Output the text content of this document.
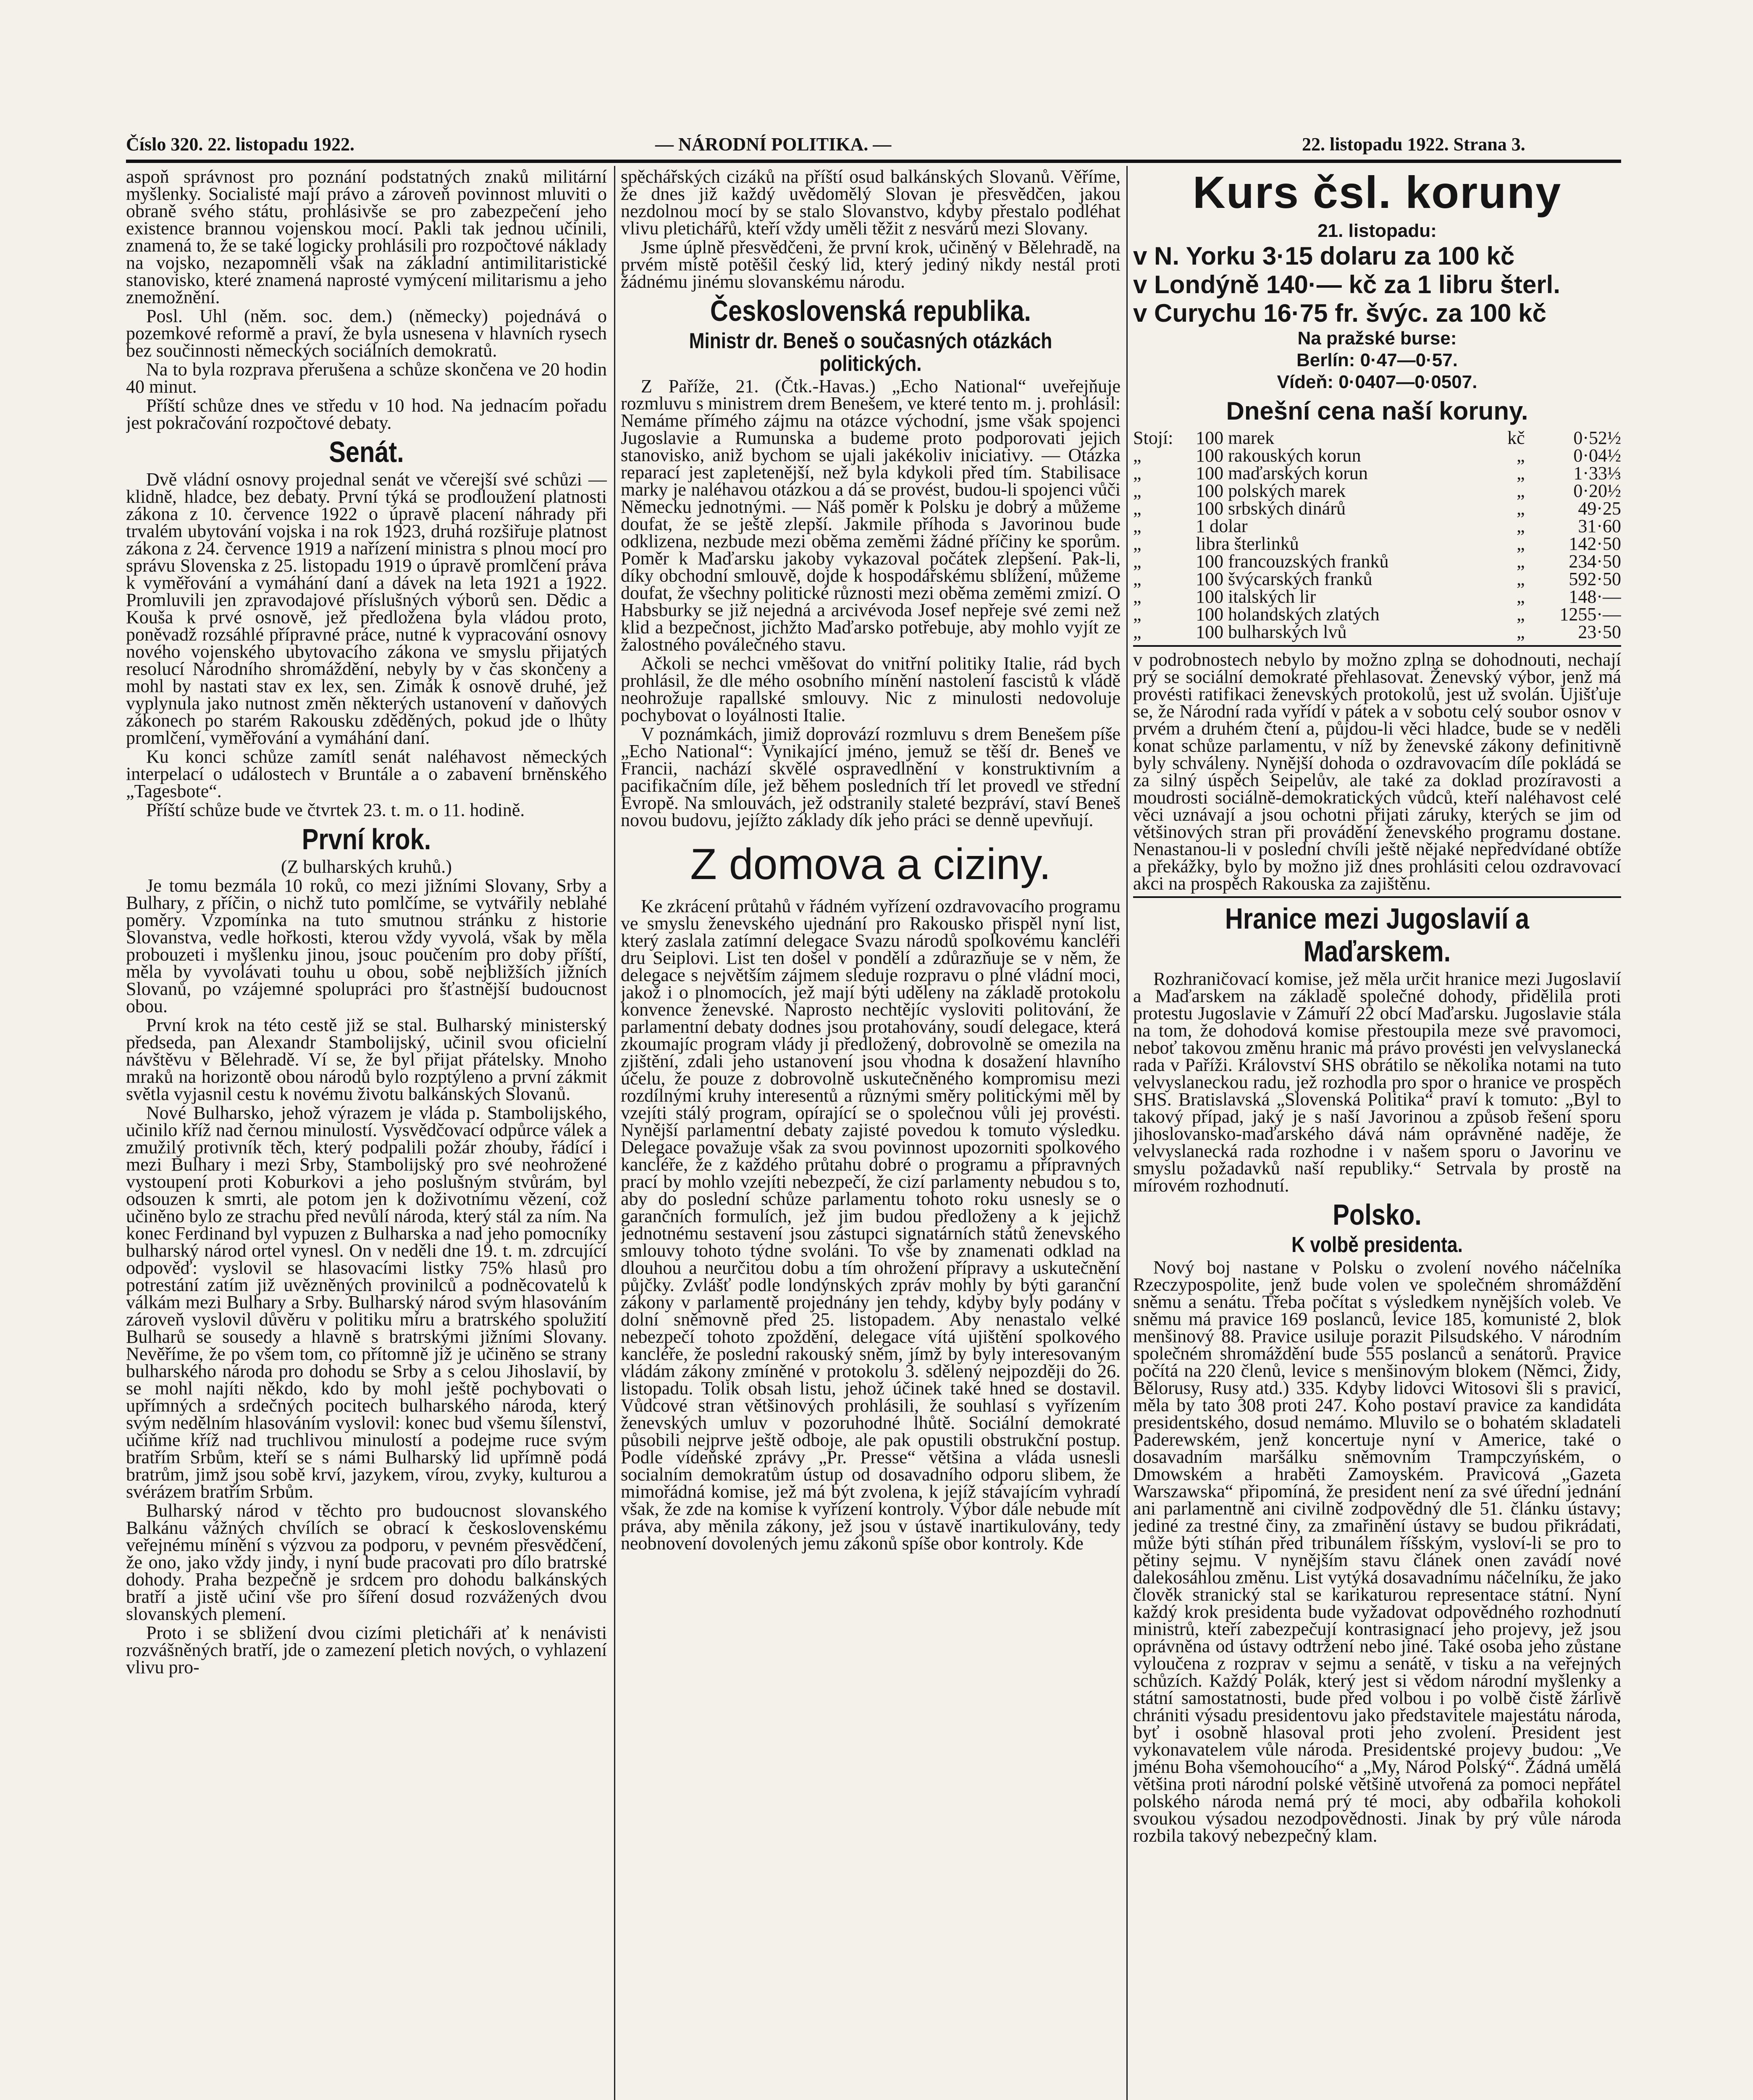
Číslo 320. 22. listopadu 1922.	— NÁRODNÍ POLITIKA. —	22. listopadu 1922. Strana 3.

aspoň správnost pro poznání podstatných znaků militární myšlenky. Socialisté mají právo a zároveň povinnost mluviti o obraně svého státu, prohlásivše se pro zabezpečení jeho existence brannou vojenskou mocí. Pakli tak jednou učinili, znamená to, že se také logicky prohlásili pro rozpočtové náklady na vojsko, nezapomněli však na základní antimilitaristické stanovisko, které znamená naprosté vymýcení militarismu a jeho znemožnění.

Posl. Uhl (něm. soc. dem.) (německy) pojednává o pozemkové reformě a praví, že byla usnesena v hlavních rysech bez součinnosti německých sociálních demokratů.

Na to byla rozprava přerušena a schůze skončena ve 20 hodin 40 minut.

Příští schůze dnes ve středu v 10 hod. Na jednacím pořadu jest pokračování rozpočtové debaty.

Senát.

Dvě vládní osnovy projednal senát ve včerejší své schůzi — klidně, hladce, bez debaty. První týká se prodloužení platnosti zákona z 10. července 1922 o úpravě placení náhrady při trvalém ubytování vojska i na rok 1923, druhá rozšiřuje platnost zákona z 24. července 1919 a nařízení ministra s plnou mocí pro správu Slovenska z 25. listopadu 1919 o úpravě promlčení práva k vyměřování a vymáhání daní a dávek na leta 1921 a 1922. Promluvili jen zpravodajové příslušných výborů sen. Dědic a Kouša k prvé osnově, jež předložena byla vládou proto, poněvadž rozsáhlé přípravné práce, nutné k vypracování osnovy nového vojenského ubytovacího zákona ve smyslu přijatých resolucí Národního shromáždění, nebyly by v čas skončeny a mohl by nastati stav ex lex, sen. Zimák k osnově druhé, jež vyplynula jako nutnost změn některých ustanovení v daňových zákonech po starém Rakousku zděděných, pokud jde o lhůty promlčení, vyměřování a vymáhání daní.

Ku konci schůze zamítl senát naléhavost německých interpelací o událostech v Bruntále a o zabavení brněnského „Tagesbote“.

Příští schůze bude ve čtvrtek 23. t. m. o 11. hodině.

První krok.

(Z bulharských kruhů.)

Je tomu bezmála 10 roků, co mezi jižními Slovany, Srby a Bulhary, z příčin, o nichž tuto pomlčíme, se vytvářily neblahé poměry. Vzpomínka na tuto smutnou stránku z historie Slovanstva, vedle hořkosti, kterou vždy vyvolá, však by měla probouzeti i myšlenku jinou, jsouc poučením pro doby příští, měla by vyvolávati touhu u obou, sobě nejbližších jižních Slovanů, po vzájemné spolupráci pro šťastnější budoucnost obou.

První krok na této cestě již se stal. Bulharský ministerský předseda, pan Alexandr Stambolijský, učinil svou oficielní návštěvu v Bělehradě. Ví se, že byl přijat přátelsky. Mnoho mraků na horizontě obou národů bylo rozptýleno a první zákmit světla vyjasnil cestu k novému životu balkánských Slovanů.

Nové Bulharsko, jehož výrazem je vláda p. Stambolijského, učinilo kříž nad černou minulostí. Vysvědčovací odpůrce válek a zmužilý protivník těch, který podpalili požár zhouby, řádící i mezi Bulhary i mezi Srby, Stambolijský pro své neohrožené vystoupení proti Koburkovi a jeho poslušným stvůrám, byl odsouzen k smrti, ale potom jen k doživotnímu vězení, což učiněno bylo ze strachu před nevůlí národa, který stál za ním. Na konec Ferdinand byl vypuzen z Bulharska a nad jeho pomocníky bulharský národ ortel vynesl. On v neděli dne 19. t. m. zdrcující odpověď: vyslovil se hlasovacími listky 75% hlasů pro potrestání zatím již uvězněných provinilců a podněcovatelů k válkám mezi Bulhary a Srby. Bulharský národ svým hlasováním zároveň vyslovil důvěru v politiku míru a bratrského spolužití Bulharů se sousedy a hlavně s bratrskými jižními Slovany. Nevěříme, že po všem tom, co přítomně již je učiněno se strany bulharského národa pro dohodu se Srby a s celou Jihoslavií, by se mohl najíti někdo, kdo by mohl ještě pochybovati o upřímných a srdečných pocitech bulharského národa, který svým nedělním hlasováním vyslovil: konec bud všemu šílenství, učiňme kříž nad truchlivou minulostí a podejme ruce svým bratřím Srbům, kteří se s námi Bulharský lid upřímně podá bratrům, jimž jsou sobě krví, jazykem, vírou, zvyky, kulturou a svérázem bratřím Srbům.

Bulharský národ v těchto pro budoucnost slovanského Balkánu vážných chvílích se obrací k československému veřejnému mínění s výzvou za podporu, v pevném přesvědčení, že ono, jako vždy jindy, i nyní bude pracovati pro dílo bratrské dohody. Praha bezpečně je srdcem pro dohodu balkánských bratří a jistě učiní vše pro šíření dosud rozvážených dvou slovanských plemení.

Proto i se sbližení dvou cizími pleticháři ať k nenávisti rozvášněných bratří, jde o zamezení pletich nových, o vyhlazení vlivu pro-

spěchářských cizáků na příští osud balkánských Slovanů. Věříme, že dnes již každý uvědomělý Slovan je přesvědčen, jakou nezdolnou mocí by se stalo Slovanstvo, kdyby přestalo podléhat vlivu pletichářů, kteří vždy uměli těžit z nesvárů mezi Slovany.

Jsme úplně přesvědčeni, že první krok, učiněný v Bělehradě, na prvém místě potěšil český lid, který jediný nikdy nestál proti žádnému jinému slovanskému národu.

Československá republika.
Ministr dr. Beneš o současných otázkách politických.

Z Paříže, 21. (Čtk.-Havas.) „Echo National“ uveřejňuje rozmluvu s ministrem drem Benešem, ve které tento m. j. prohlásil: Nemáme přímého zájmu na otázce východní, jsme však spojenci Jugoslavie a Rumunska a budeme proto podporovati jejich stanovisko, aniž bychom se ujali jakékoliv iniciativy. — Otázka reparací jest zapletenější, než byla kdykoli před tím. Stabilisace marky je naléhavou otázkou a dá se provést, budou-li spojenci vůči Německu jednotnými. — Náš poměr k Polsku je dobrý a můžeme doufat, že se ještě zlepší. Jakmile příhoda s Javorinou bude odklizena, nezbude mezi oběma zeměmi žádné příčiny ke sporům. Poměr k Maďarsku jakoby vykazoval počátek zlepšení. Pak-li, díky obchodní smlouvě, dojde k hospodářskému sblížení, můžeme doufat, že všechny politické různosti mezi oběma zeměmi zmizí. O Habsburky se již nejedná a arcivévoda Josef nepřeje své zemi než klid a bezpečnost, jichžto Maďarsko potřebuje, aby mohlo vyjít ze žalostného poválečného stavu.

Ačkoli se nechci vměšovat do vnitřní politiky Italie, rád bych prohlásil, že dle mého osobního mínění nastolení fascistů k vládě neohrožuje rapallské smlouvy. Nic z minulosti nedovoluje pochybovat o loyálnosti Italie.

V poznámkách, jimiž doprovází rozmluvu s drem Benešem píše „Echo National“: Vynikající jméno, jemuž se těší dr. Beneš ve Francii, nachází skvělé ospravedlnění v konstruktivním a pacifikačním díle, jež během posledních tří let provedl ve střední Evropě. Na smlouvách, jež odstranily staleté bezpráví, staví Beneš novou budovu, jejížto základy dík jeho práci se denně upevňují.

Z domova a ciziny.

Ke zkrácení průtahů v řádném vyřízení ozdravovacího programu ve smyslu ženevského ujednání pro Rakousko přispěl nyní list, který zaslala zatímní delegace Svazu národů spolkovému kancléři dru Seiplovi. List ten došel v pondělí a zdůrazňuje se v něm, že delegace s největším zájmem sleduje rozpravu o plné vládní moci, jakož i o plnomocích, jež mají býti uděleny na základě protokolu konvence ženevské. Naprosto nechtějíc vysloviti politování, že parlamentní debaty dodnes jsou protahovány, soudí delegace, která zkoumajíc program vlády ji předložený, dobrovolně se omezila na zjištění, zdali jeho ustanovení jsou vhodna k dosažení hlavního účelu, že pouze z dobrovolně uskutečněného kompromisu mezi rozdílnými kruhy interesentů a různými směry politickými měl by vzejíti stálý program, opírající se o společnou vůli jej provésti. Nynější parlamentní debaty zajisté povedou k tomuto výsledku. Delegace považuje však za svou povinnost upozorniti spolkového kancléře, že z každého průtahu dobré o programu a přípravných prací by mohlo vzejíti nebezpečí, že cizí parlamenty nebudou s to, aby do poslední schůze parlamentu tohoto roku usnesly se o garančních formulích, jež jim budou předloženy a k jejichž jednotnému sestavení jsou zástupci signatárních států ženevského smlouvy tohoto týdne svoláni. To vše by znamenati odklad na dlouhou a neurčitou dobu a tím ohrožení přípravy a uskutečnění půjčky. Zvlášť podle londýnských zpráv mohly by býti garanční zákony v parlamentě projednány jen tehdy, kdyby byly podány v dolní sněmovně před 25. listopadem. Aby nenastalo velké nebezpečí tohoto zpoždění, delegace vítá ujištění spolkového kancléře, že poslední rakouský sněm, jímž by byly interesovaným vládám zákony zmíněné v protokolu 3. sdělený nejpozději do 26. listopadu. Tolik obsah listu, jehož účinek také hned se dostavil. Vůdcové stran většinových prohlásili, že souhlasí s vyřízením ženevských umluv v pozoruhodné lhůtě. Sociální demokraté působili nejprve ještě odboje, ale pak opustili obstrukční postup. Podle vídeňské zprávy „Pr. Presse“ většina a vláda usnesli socialním demokratům ústup od dosavadního odporu slibem, že mimořádná komise, jež má být zvolena, k jejíž stávajícím vyhradí však, že zde na komise k vyřízení kontroly. Výbor dále nebude mít práva, aby měnila zákony, jež jsou v ústavě inartikulovány, tedy neobnovení dovolených jemu zákonů spíše obor kontroly. Kde

Kurs čsl. koruny
21. listopadu:
v N. Yorku 3·15 dolaru za 100 kč
v Londýně 140·— kč za 1 libru šterl.
v Curychu 16·75 fr. švýc. za 100 kč
Na pražské burse:
Berlín: 0·47—0·57.
Vídeň: 0·0407—0·0507.
Dnešní cena naší koruny.
Stojí:	100 marek	kč	0·52½
„	100 rakouských korun	„	0·04½
„	100 maďarských korun	„	1·33⅓
„	100 polských marek	„	0·20½
„	100 srbských dinárů	„	49·25
„	1 dolar	„	31·60
„	libra šterlinků	„	142·50
„	100 francouzských franků	„	234·50
„	100 švýcarských franků	„	592·50
„	100 italských lir	„	148·—
„	100 holandských zlatých	„	1255·—
„	100 bulharských lvů	„	23·50

v podrobnostech nebylo by možno zplna se dohodnouti, nechají prý se sociální demokraté přehlasovat. Ženevský výbor, jenž má provésti ratifikaci ženevských protokolů, jest už svolán. Ujišťuje se, že Národní rada vyřídí v pátek a v sobotu celý soubor osnov v prvém a druhém čtení a, půjdou-li věci hladce, bude se v neděli konat schůze parlamentu, v níž by ženevské zákony definitivně byly schváleny. Nynější dohoda o ozdravovacím díle pokládá se za silný úspěch Seipelův, ale také za doklad prozíravosti a moudrosti sociálně-demokratických vůdců, kteří naléhavost celé věci uznávají a jsou ochotni přijati záruky, kterých se jim od většinových stran při provádění ženevského programu dostane. Nenastanou-li v poslední chvíli ještě nějaké nepředvídané obtíže a překážky, bylo by možno již dnes prohlásiti celou ozdravovací akci na prospěch Rakouska za zajištěnu.

Hranice mezi Jugoslavií a Maďarskem.

Rozhraničovací komise, jež měla určit hranice mezi Jugoslavií a Maďarskem na základě společné dohody, přidělila proti protestu Jugoslavie v Zámuří 22 obcí Maďarsku. Jugoslavie stála na tom, že dohodová komise přestoupila meze své pravomoci, neboť takovou změnu hranic má právo provésti jen velvyslanecká rada v Paříži. Království SHS obrátilo se několika notami na tuto velvyslaneckou radu, jež rozhodla pro spor o hranice ve prospěch SHS. Bratislavská „Slovenská Politika“ praví k tomuto: „Byl to takový případ, jaký je s naší Javorinou a způsob řešení sporu jihoslovansko-maďarského dává nám oprávněné naděje, že velvyslanecká rada rozhodne i v našem sporu o Javorinu ve smyslu požadavků naší republiky.“ Setrvala by prostě na mírovém rozhodnutí.

Polsko.
K volbě presidenta.

Nový boj nastane v Polsku o zvolení nového náčelníka Rzeczypospolite, jenž bude volen ve společném shromáždění sněmu a senátu. Třeba počítat s výsledkem nynějších voleb. Ve sněmu má pravice 169 poslanců, levice 185, komunisté 2, blok menšinový 88. Pravice usiluje porazit Pilsudského. V národním společném shromáždění bude 555 poslanců a senátorů. Pravice počítá na 220 členů, levice s menšinovým blokem (Němci, Židy, Bělorusy, Rusy atd.) 335. Kdyby lidovci Witosovi šli s pravicí, měla by tato 308 proti 247. Koho postaví pravice za kandidáta presidentského, dosud nemámo. Mluvilo se o bohatém skladateli Paderewském, jenž koncertuje nyní v Americe, také o dosavadním maršálku sněmovním Trampczyńském, o Dmowském a hraběti Zamoyském. Pravicová „Gazeta Warszawska“ připomíná, že president není za své úřední jednání ani parlamentně ani civilně zodpovědný dle 51. článku ústavy; jediné za trestné činy, za zmařinění ústavy se budou přikrádati, může býti stíhán před tribunálem říšským, vysloví-li se pro to pětiny sejmu. V nynějším stavu článek onen zavádí nové dalekosáhlou změnu. List vytýká dosavadnímu náčelníku, že jako člověk stranický stal se karikaturou representace státní. Nyní každý krok presidenta bude vyžadovat odpovědného rozhodnutí ministrů, kteří zabezpečují kontrasignací jeho projevy, jež jsou oprávněna od ústavy odtržení nebo jiné. Také osoba jeho zůstane vyloučena z rozprav v sejmu a senátě, v tisku a na veřejných schůzích. Každý Polák, který jest si vědom národní myšlenky a státní samostatnosti, bude před volbou i po volbě čistě žárlivě chrániti výsadu presidentovu jako představitele majestátu národa, byť i osobně hlasoval proti jeho zvolení. President jest vykonavatelem vůle národa. Presidentské projevy budou: „Ve jménu Boha všemohoucího“ a „My, Národ Polský“. Žádná umělá většina proti národní polské většině utvořená za pomoci nepřátel polského národa nemá prý té moci, aby odbařila kohokoli svoukou výsadou nezodpovědnosti. Jinak by prý vůle národa rozbila takový nebezpečný klam.
